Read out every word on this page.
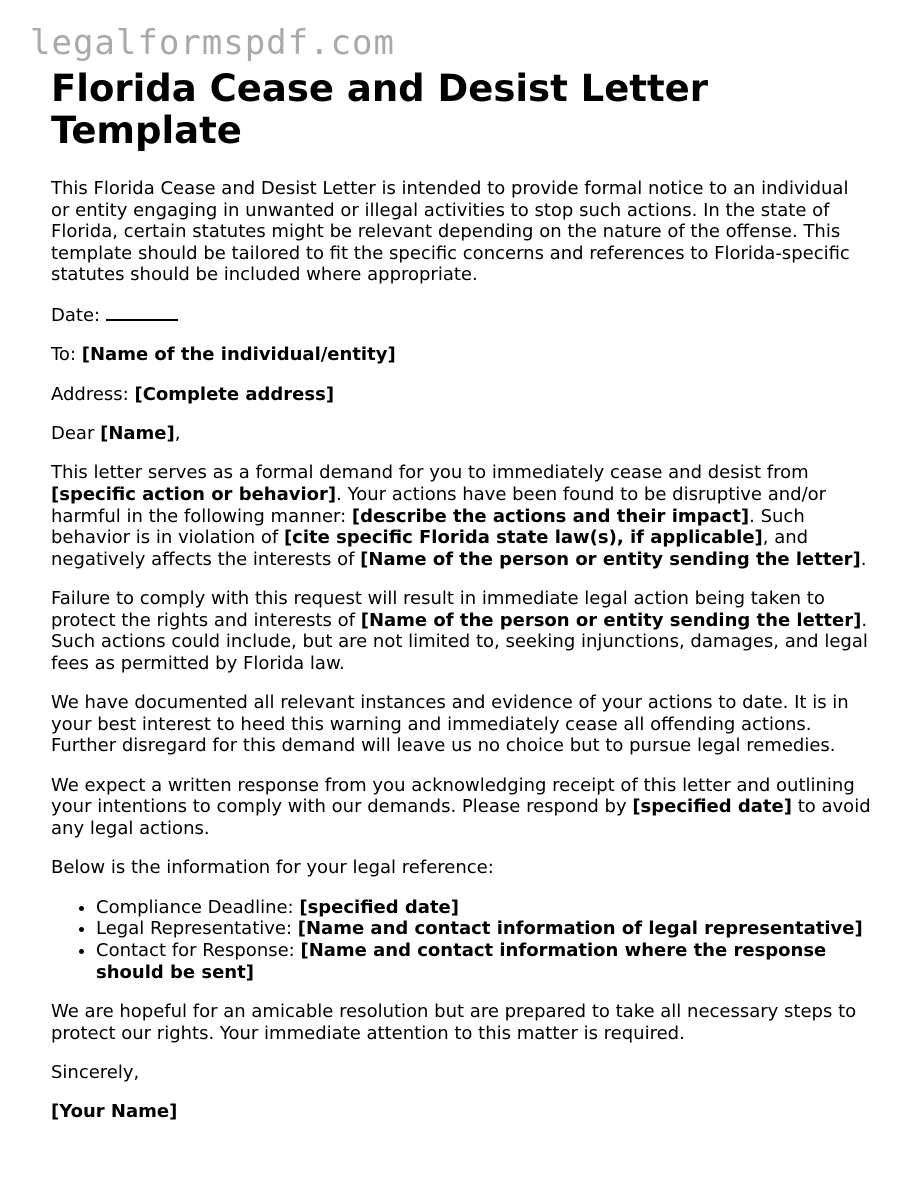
legalformspdf.com
Florida Cease and Desist Letter Template

This Florida Cease and Desist Letter is intended to provide formal notice to an individual or entity engaging in unwanted or illegal activities to stop such actions. In the state of Florida, certain statutes might be relevant depending on the nature of the offense. This template should be tailored to fit the specific concerns and references to Florida-specific statutes should be included where appropriate.

Date:

To: [Name of the individual/entity]

Address: [Complete address]

Dear [Name],

This letter serves as a formal demand for you to immediately cease and desist from [specific action or behavior]. Your actions have been found to be disruptive and/or harmful in the following manner: [describe the actions and their impact]. Such behavior is in violation of [cite specific Florida state law(s), if applicable], and negatively affects the interests of [Name of the person or entity sending the letter].

Failure to comply with this request will result in immediate legal action being taken to protect the rights and interests of [Name of the person or entity sending the letter]. Such actions could include, but are not limited to, seeking injunctions, damages, and legal fees as permitted by Florida law.

We have documented all relevant instances and evidence of your actions to date. It is in your best interest to heed this warning and immediately cease all offending actions. Further disregard for this demand will leave us no choice but to pursue legal remedies.

We expect a written response from you acknowledging receipt of this letter and outlining your intentions to comply with our demands. Please respond by [specified date] to avoid any legal actions.

Below is the information for your legal reference:

• Compliance Deadline: [specified date]
• Legal Representative: [Name and contact information of legal representative]
• Contact for Response: [Name and contact information where the response should be sent]

We are hopeful for an amicable resolution but are prepared to take all necessary steps to protect our rights. Your immediate attention to this matter is required.

Sincerely,

[Your Name]
